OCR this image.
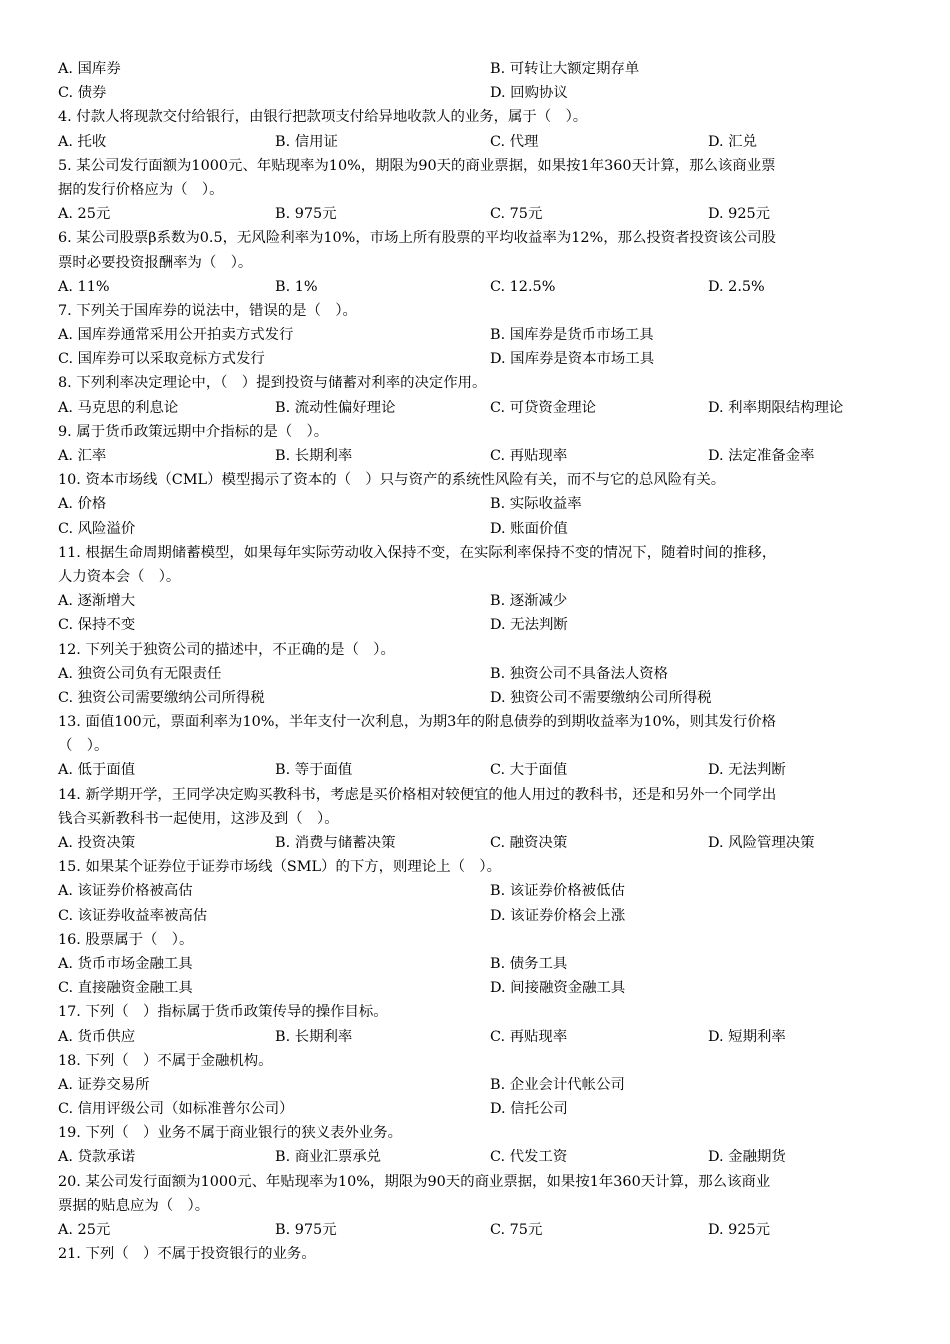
A. 国库券	B. 可转让大额定期存单
C. 债券	D. 回购协议
4. 付款人将现款交付给银行，由银行把款项支付给异地收款人的业务，属于（　）。
A. 托收	B. 信用证	C. 代理	D. 汇兑
5. 某公司发行面额为1000元、年贴现率为10%，期限为90天的商业票据，如果按1年360天计算，那么该商业票
据的发行价格应为（　）。
A. 25元	B. 975元	C. 75元	D. 925元
6. 某公司股票β系数为0.5，无风险利率为10%，市场上所有股票的平均收益率为12%，那么投资者投资该公司股
票时必要投资报酬率为（　）。
A. 11%	B. 1%	C. 12.5%	D. 2.5%
7. 下列关于国库券的说法中，错误的是（　）。
A. 国库券通常采用公开拍卖方式发行	B. 国库券是货币市场工具
C. 国库券可以采取竞标方式发行	D. 国库券是资本市场工具
8. 下列利率决定理论中，（　）提到投资与储蓄对利率的决定作用。
A. 马克思的利息论	B. 流动性偏好理论	C. 可贷资金理论	D. 利率期限结构理论
9. 属于货币政策远期中介指标的是（　）。
A. 汇率	B. 长期利率	C. 再贴现率	D. 法定准备金率
10. 资本市场线（CML）模型揭示了资本的（　）只与资产的系统性风险有关，而不与它的总风险有关。
A. 价格	B. 实际收益率
C. 风险溢价	D. 账面价值
11. 根据生命周期储蓄模型，如果每年实际劳动收入保持不变，在实际利率保持不变的情况下，随着时间的推移，
人力资本会（　）。
A. 逐渐增大	B. 逐渐减少
C. 保持不变	D. 无法判断
12. 下列关于独资公司的描述中，不正确的是（　）。
A. 独资公司负有无限责任	B. 独资公司不具备法人资格
C. 独资公司需要缴纳公司所得税	D. 独资公司不需要缴纳公司所得税
13. 面值100元，票面利率为10%，半年支付一次利息，为期3年的附息债券的到期收益率为10%，则其发行价格
（　）。
A. 低于面值	B. 等于面值	C. 大于面值	D. 无法判断
14. 新学期开学，王同学决定购买教科书，考虑是买价格相对较便宜的他人用过的教科书，还是和另外一个同学出
钱合买新教科书一起使用，这涉及到（　）。
A. 投资决策	B. 消费与储蓄决策	C. 融资决策	D. 风险管理决策
15. 如果某个证券位于证券市场线（SML）的下方，则理论上（　）。
A. 该证券价格被高估	B. 该证券价格被低估
C. 该证券收益率被高估	D. 该证券价格会上涨
16. 股票属于（　）。
A. 货币市场金融工具	B. 债务工具
C. 直接融资金融工具	D. 间接融资金融工具
17. 下列（　）指标属于货币政策传导的操作目标。
A. 货币供应	B. 长期利率	C. 再贴现率	D. 短期利率
18. 下列（　）不属于金融机构。
A. 证券交易所	B. 企业会计代帐公司
C. 信用评级公司（如标准普尔公司）	D. 信托公司
19. 下列（　）业务不属于商业银行的狭义表外业务。
A. 贷款承诺	B. 商业汇票承兑	C. 代发工资	D. 金融期货
20. 某公司发行面额为1000元、年贴现率为10%，期限为90天的商业票据，如果按1年360天计算，那么该商业
票据的贴息应为（　）。
A. 25元	B. 975元	C. 75元	D. 925元
21. 下列（　）不属于投资银行的业务。
